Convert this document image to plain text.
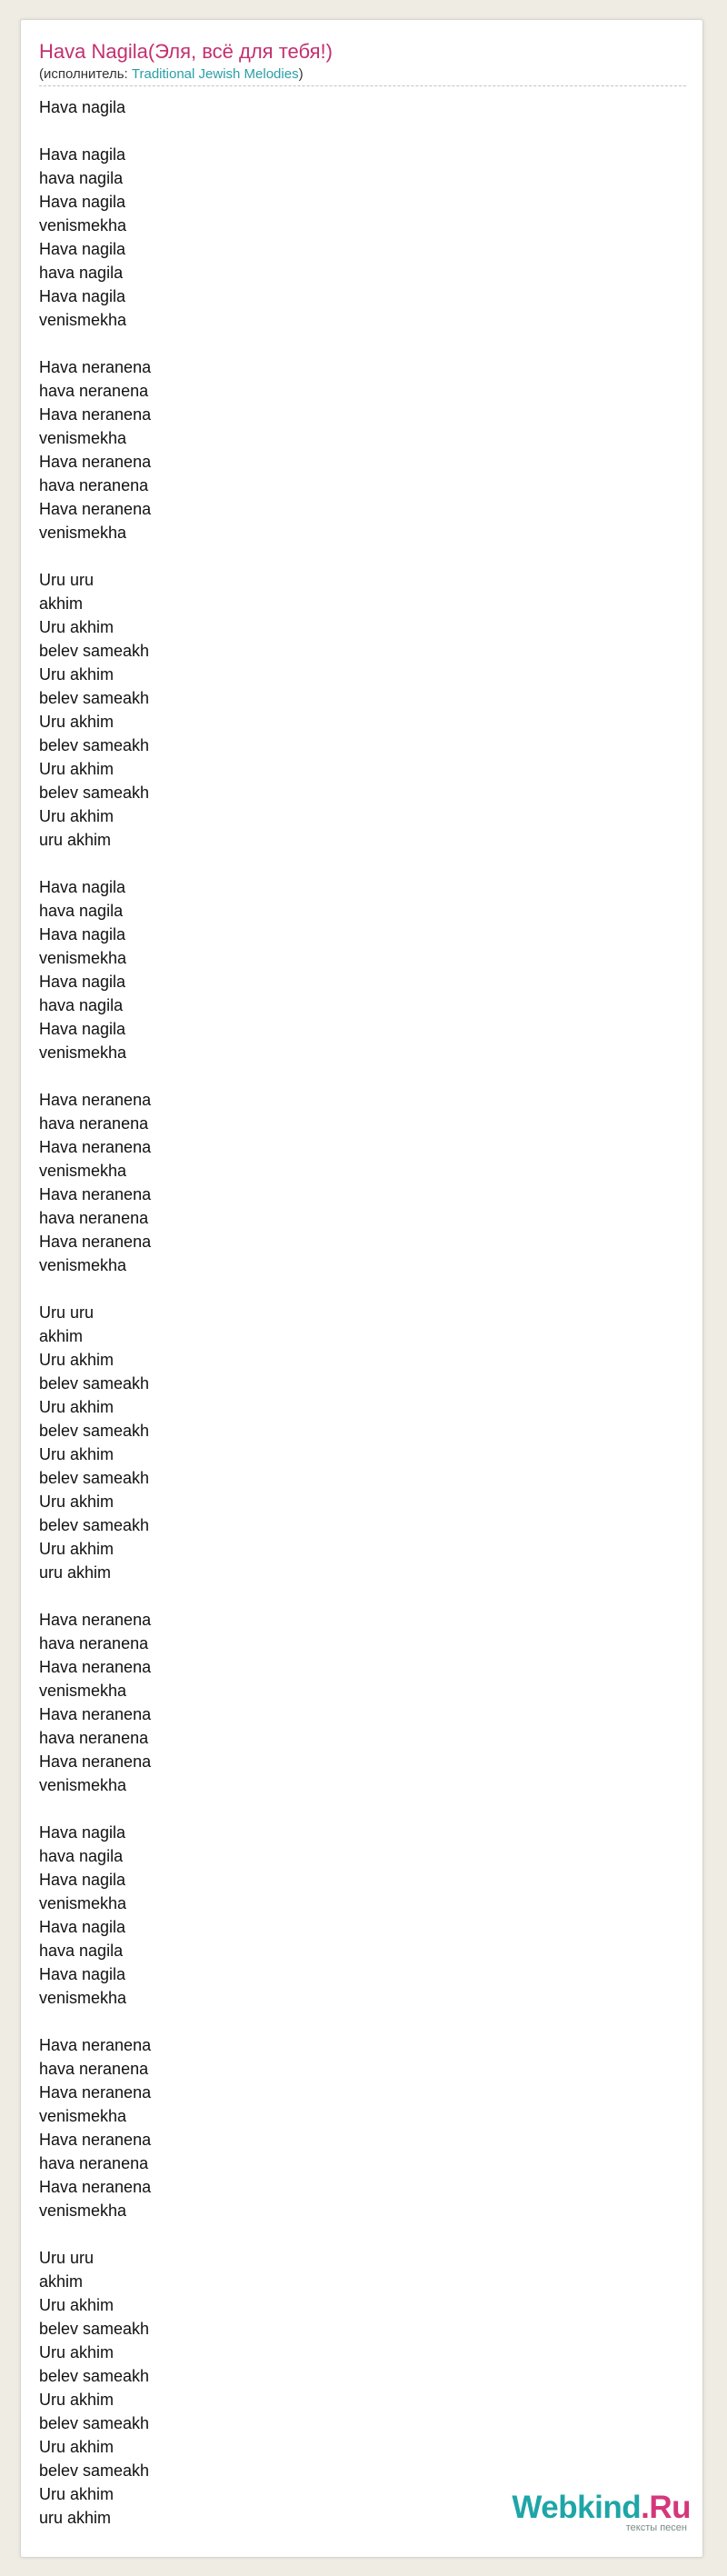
Hava Nagila(Эля, всё для тебя!)
(исполнитель: Traditional Jewish Melodies)
Hava nagila
Hava nagila
hava nagila
Hava nagila
venismekha
Hava nagila
hava nagila
Hava nagila
venismekha
Hava neranena
hava neranena
Hava neranena
venismekha
Hava neranena
hava neranena
Hava neranena
venismekha
Uru uru
akhim
Uru akhim
belev sameakh
Uru akhim
belev sameakh
Uru akhim
belev sameakh
Uru akhim
belev sameakh
Uru akhim
uru akhim
Hava nagila
hava nagila
Hava nagila
venismekha
Hava nagila
hava nagila
Hava nagila
venismekha
Hava neranena
hava neranena
Hava neranena
venismekha
Hava neranena
hava neranena
Hava neranena
venismekha
Uru uru
akhim
Uru akhim
belev sameakh
Uru akhim
belev sameakh
Uru akhim
belev sameakh
Uru akhim
belev sameakh
Uru akhim
uru akhim
Hava neranena
hava neranena
Hava neranena
venismekha
Hava neranena
hava neranena
Hava neranena
venismekha
Hava nagila
hava nagila
Hava nagila
venismekha
Hava nagila
hava nagila
Hava nagila
venismekha
Hava neranena
hava neranena
Hava neranena
venismekha
Hava neranena
hava neranena
Hava neranena
venismekha
Uru uru
akhim
Uru akhim
belev sameakh
Uru akhim
belev sameakh
Uru akhim
belev sameakh
Uru akhim
belev sameakh
Uru akhim
uru akhim	Webkind.Ru
тексты песен
